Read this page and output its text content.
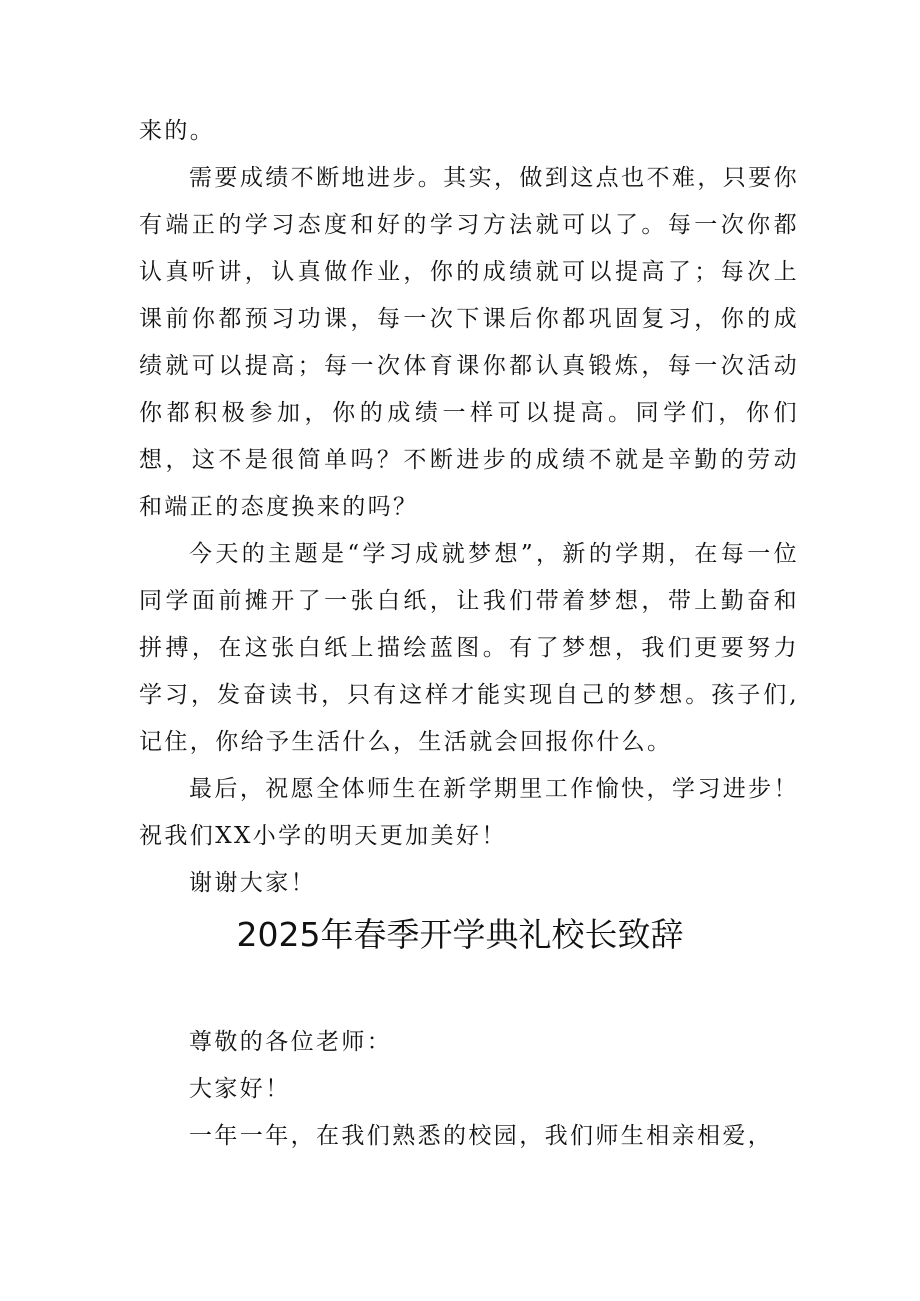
来的。

需要成绩不断地进步。其实，做到这点也不难，只要你有端正的学习态度和好的学习方法就可以了。每一次你都认真听讲，认真做作业，你的成绩就可以提高了；每次上课前你都预习功课，每一次下课后你都巩固复习，你的成绩就可以提高；每一次体育课你都认真锻炼，每一次活动你都积极参加，你的成绩一样可以提高。同学们，你们想，这不是很简单吗？不断进步的成绩不就是辛勤的劳动和端正的态度换来的吗？

今天的主题是“学习成就梦想”，新的学期，在每一位同学面前摊开了一张白纸，让我们带着梦想，带上勤奋和拼搏，在这张白纸上描绘蓝图。有了梦想，我们更要努力学习，发奋读书，只有这样才能实现自己的梦想。孩子们,记住，你给予生活什么，生活就会回报你什么。

最后，祝愿全体师生在新学期里工作愉快，学习进步！祝我们XX小学的明天更加美好！

谢谢大家！

2025年春季开学典礼校长致辞

尊敬的各位老师：

大家好！

一年一年，在我们熟悉的校园，我们师生相亲相爱，
